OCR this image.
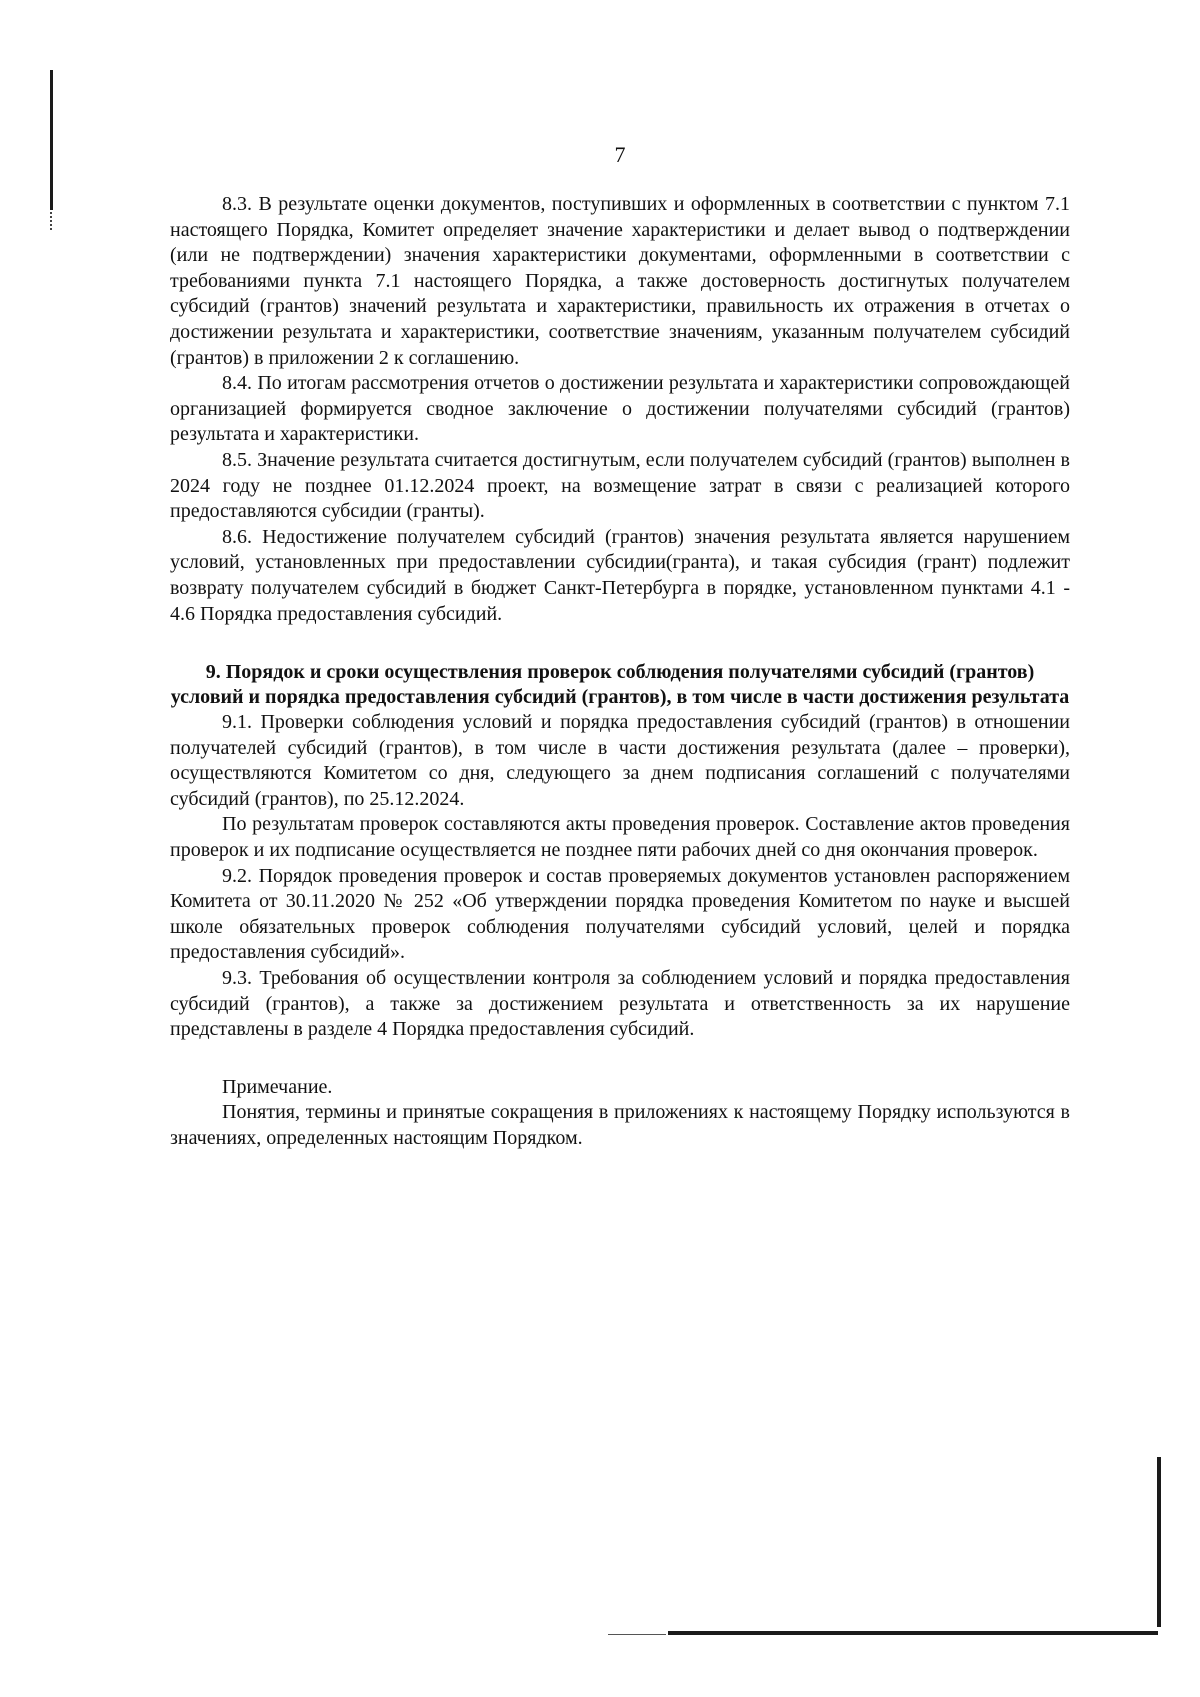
7

8.3. В результате оценки документов, поступивших и оформленных в соответствии с пунктом 7.1 настоящего Порядка, Комитет определяет значение характеристики и делает вывод о подтверждении (или не подтверждении) значения характеристики документами, оформленными в соответствии с требованиями пункта 7.1 настоящего Порядка, а также достоверность достигнутых получателем субсидий (грантов) значений результата и характеристики, правильность их отражения в отчетах о достижении результата и характеристики, соответствие значениям, указанным получателем субсидий (грантов) в приложении 2 к соглашению.

8.4. По итогам рассмотрения отчетов о достижении результата и характеристики сопровождающей организацией формируется сводное заключение о достижении получателями субсидий (грантов) результата и характеристики.

8.5. Значение результата считается достигнутым, если получателем субсидий (грантов) выполнен в 2024 году не позднее 01.12.2024 проект, на возмещение затрат в связи с реализацией которого предоставляются субсидии (гранты).

8.6. Недостижение получателем субсидий (грантов) значения результата является нарушением условий, установленных при предоставлении субсидии(гранта), и такая субсидия (грант) подлежит возврату получателем субсидий в бюджет Санкт-Петербурга в порядке, установленном пунктами 4.1 - 4.6 Порядка предоставления субсидий.

9. Порядок и сроки осуществления проверок соблюдения получателями субсидий (грантов) условий и порядка предоставления субсидий (грантов), в том числе в части достижения результата

9.1. Проверки соблюдения условий и порядка предоставления субсидий (грантов) в отношении получателей субсидий (грантов), в том числе в части достижения результата (далее – проверки), осуществляются Комитетом со дня, следующего за днем подписания соглашений с получателями субсидий (грантов), по 25.12.2024.

По результатам проверок составляются акты проведения проверок. Составление актов проведения проверок и их подписание осуществляется не позднее пяти рабочих дней со дня окончания проверок.

9.2. Порядок проведения проверок и состав проверяемых документов установлен распоряжением Комитета от 30.11.2020 № 252 «Об утверждении порядка проведения Комитетом по науке и высшей школе обязательных проверок соблюдения получателями субсидий условий, целей и порядка предоставления субсидий».

9.3. Требования об осуществлении контроля за соблюдением условий и порядка предоставления субсидий (грантов), а также за достижением результата и ответственность за их нарушение представлены в разделе 4 Порядка предоставления субсидий.

Примечание.

Понятия, термины и принятые сокращения в приложениях к настоящему Порядку используются в значениях, определенных настоящим Порядком.
